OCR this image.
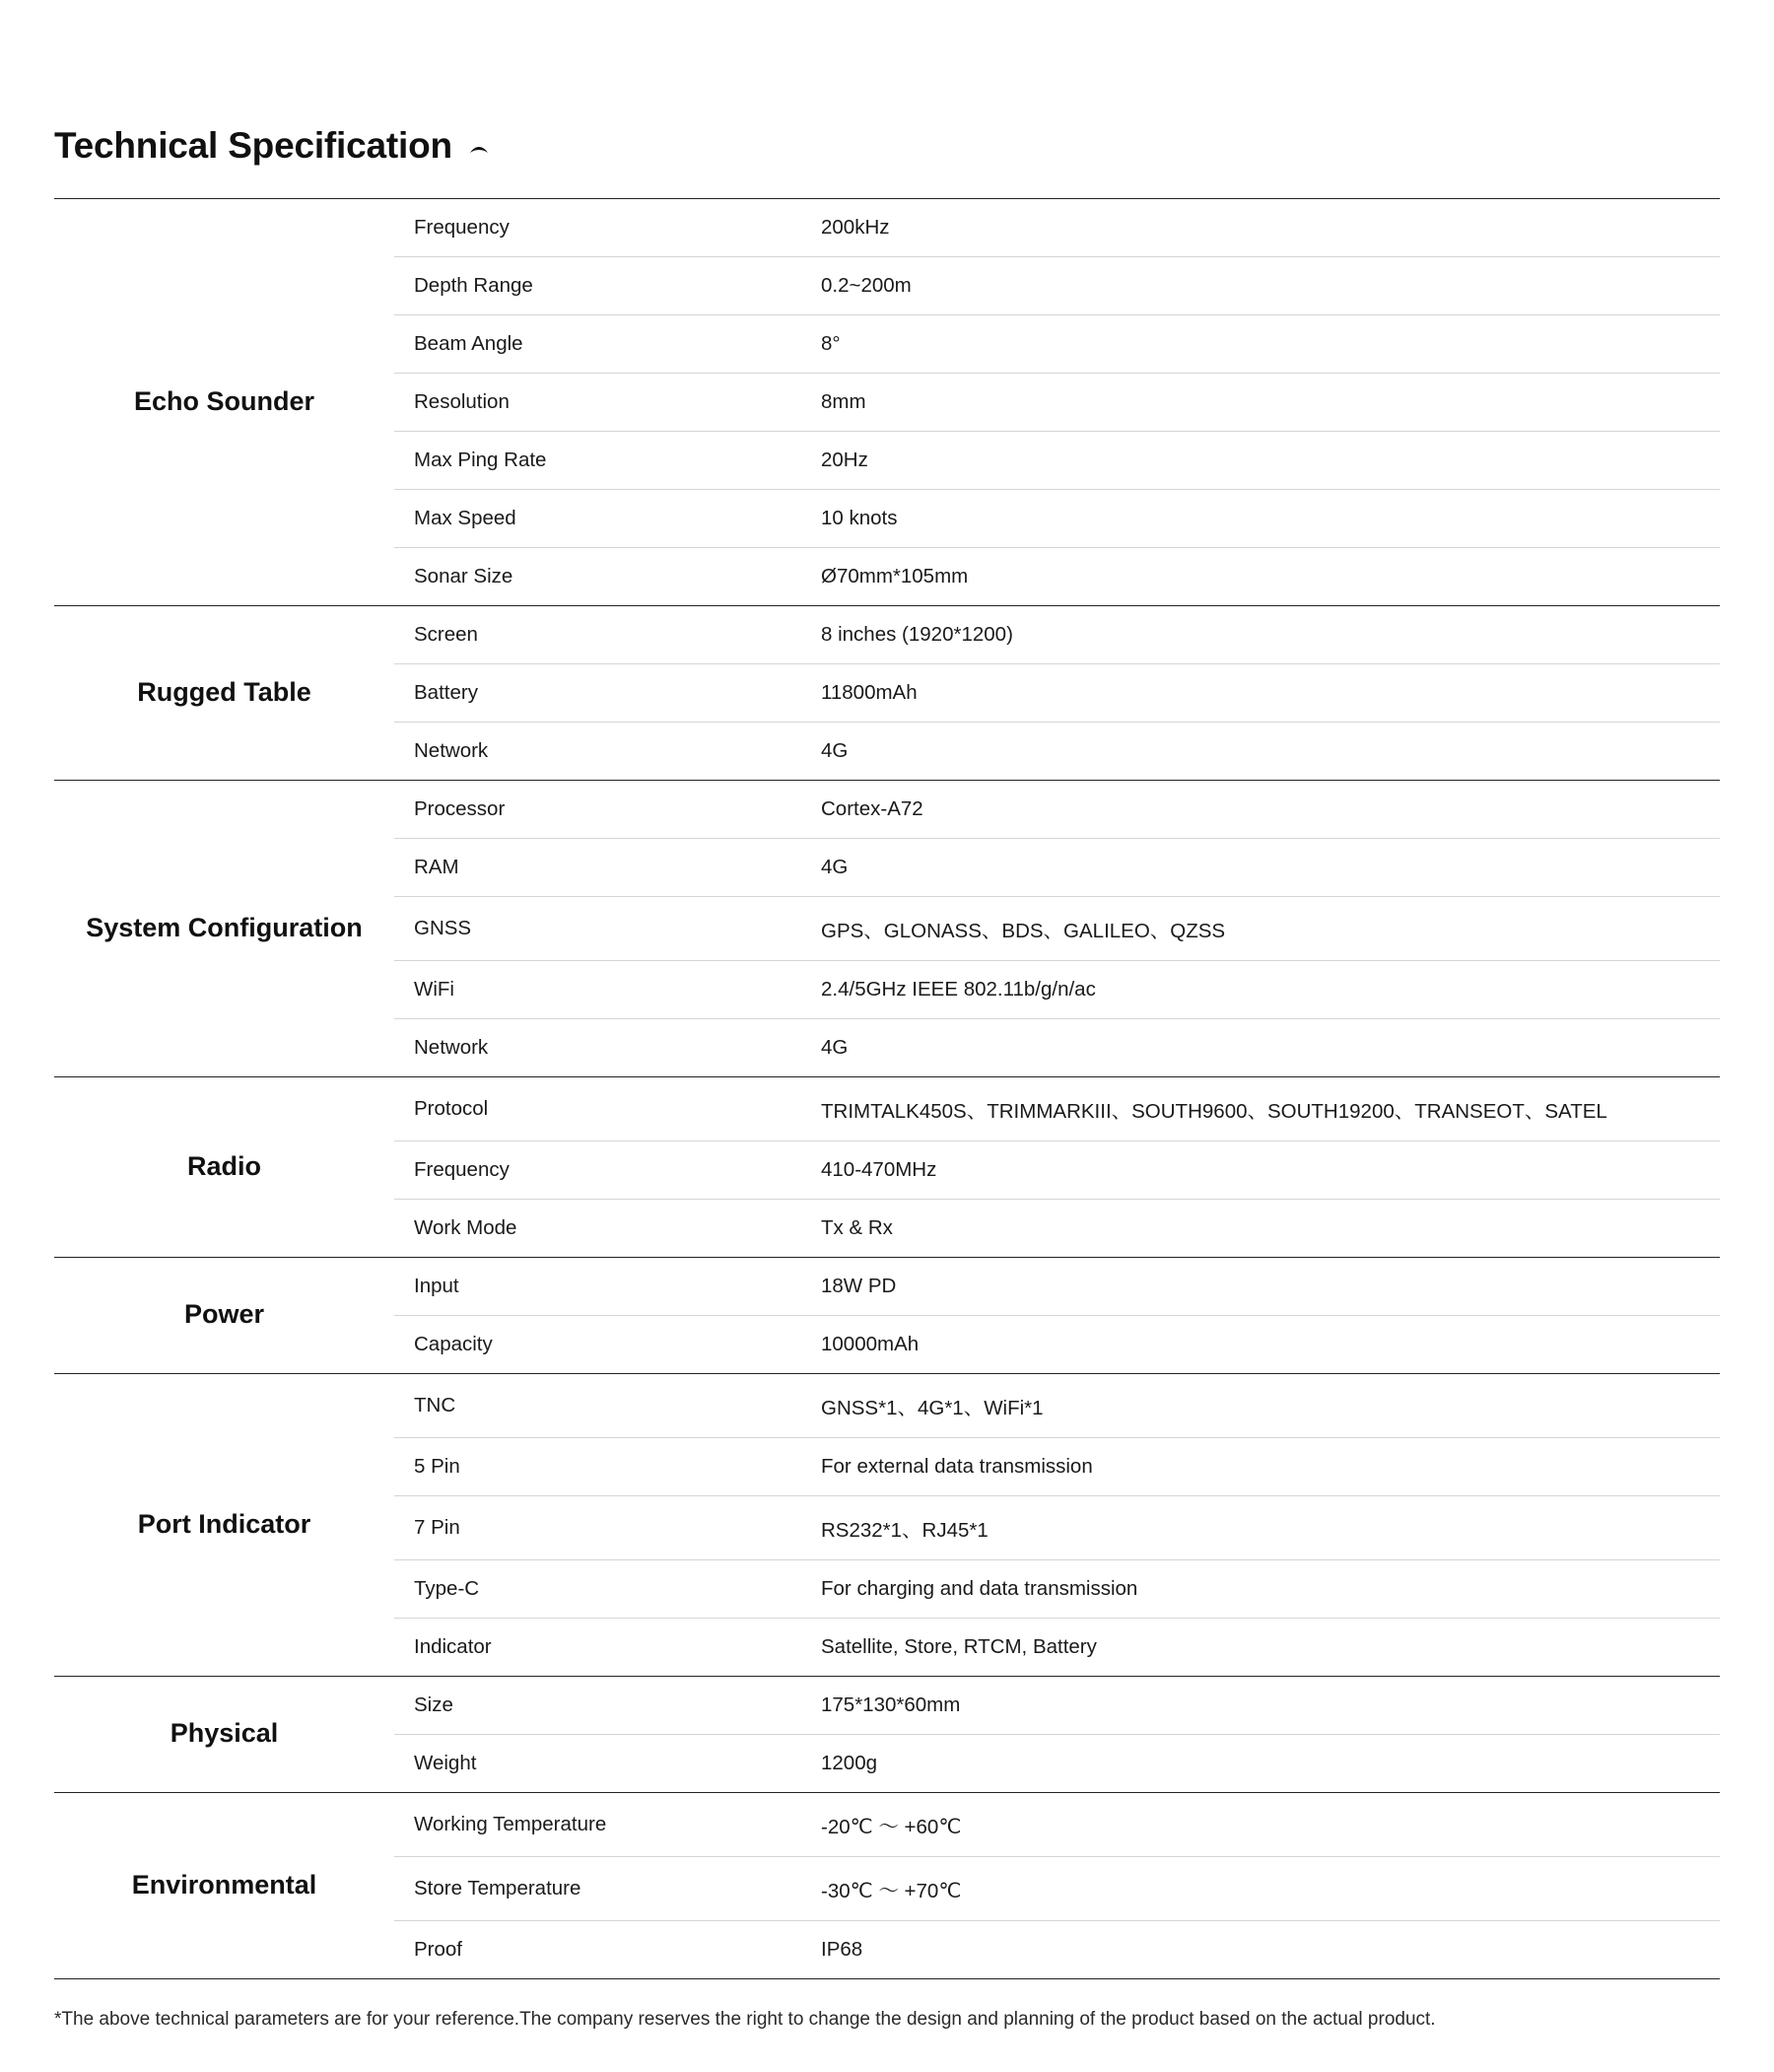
Technical Specification
Echo Sounder	Frequency	200kHz
	Depth Range	0.2~200m
	Beam Angle	8°
	Resolution	8mm
	Max Ping Rate	20Hz
	Max Speed	10 knots
	Sonar Size	Ø70mm*105mm
Rugged Table	Screen	8 inches (1920*1200)
	Battery	11800mAh
	Network	4G
System Configuration	Processor	Cortex-A72
	RAM	4G
	GNSS	GPS、GLONASS、BDS、GALILEO、QZSS
	WiFi	2.4/5GHz IEEE 802.11b/g/n/ac
	Network	4G
Radio	Protocol	TRIMTALK450S、TRIMMARKIII、SOUTH9600、SOUTH19200、TRANSEOT、SATEL
	Frequency	410-470MHz
	Work Mode	Tx & Rx
Power	Input	18W PD
	Capacity	10000mAh
Port Indicator	TNC	GNSS*1、4G*1、WiFi*1
	5 Pin	For external data transmission
	7 Pin	RS232*1、RJ45*1
	Type-C	For charging and data transmission
	Indicator	Satellite, Store, RTCM, Battery
Physical	Size	175*130*60mm
	Weight	1200g
Environmental	Working Temperature	-20℃ ～ +60℃
	Store Temperature	-30℃ ～ +70℃
	Proof	IP68
*The above technical parameters are for your reference.The company reserves the right to change the design and planning of the product based on the actual product.
